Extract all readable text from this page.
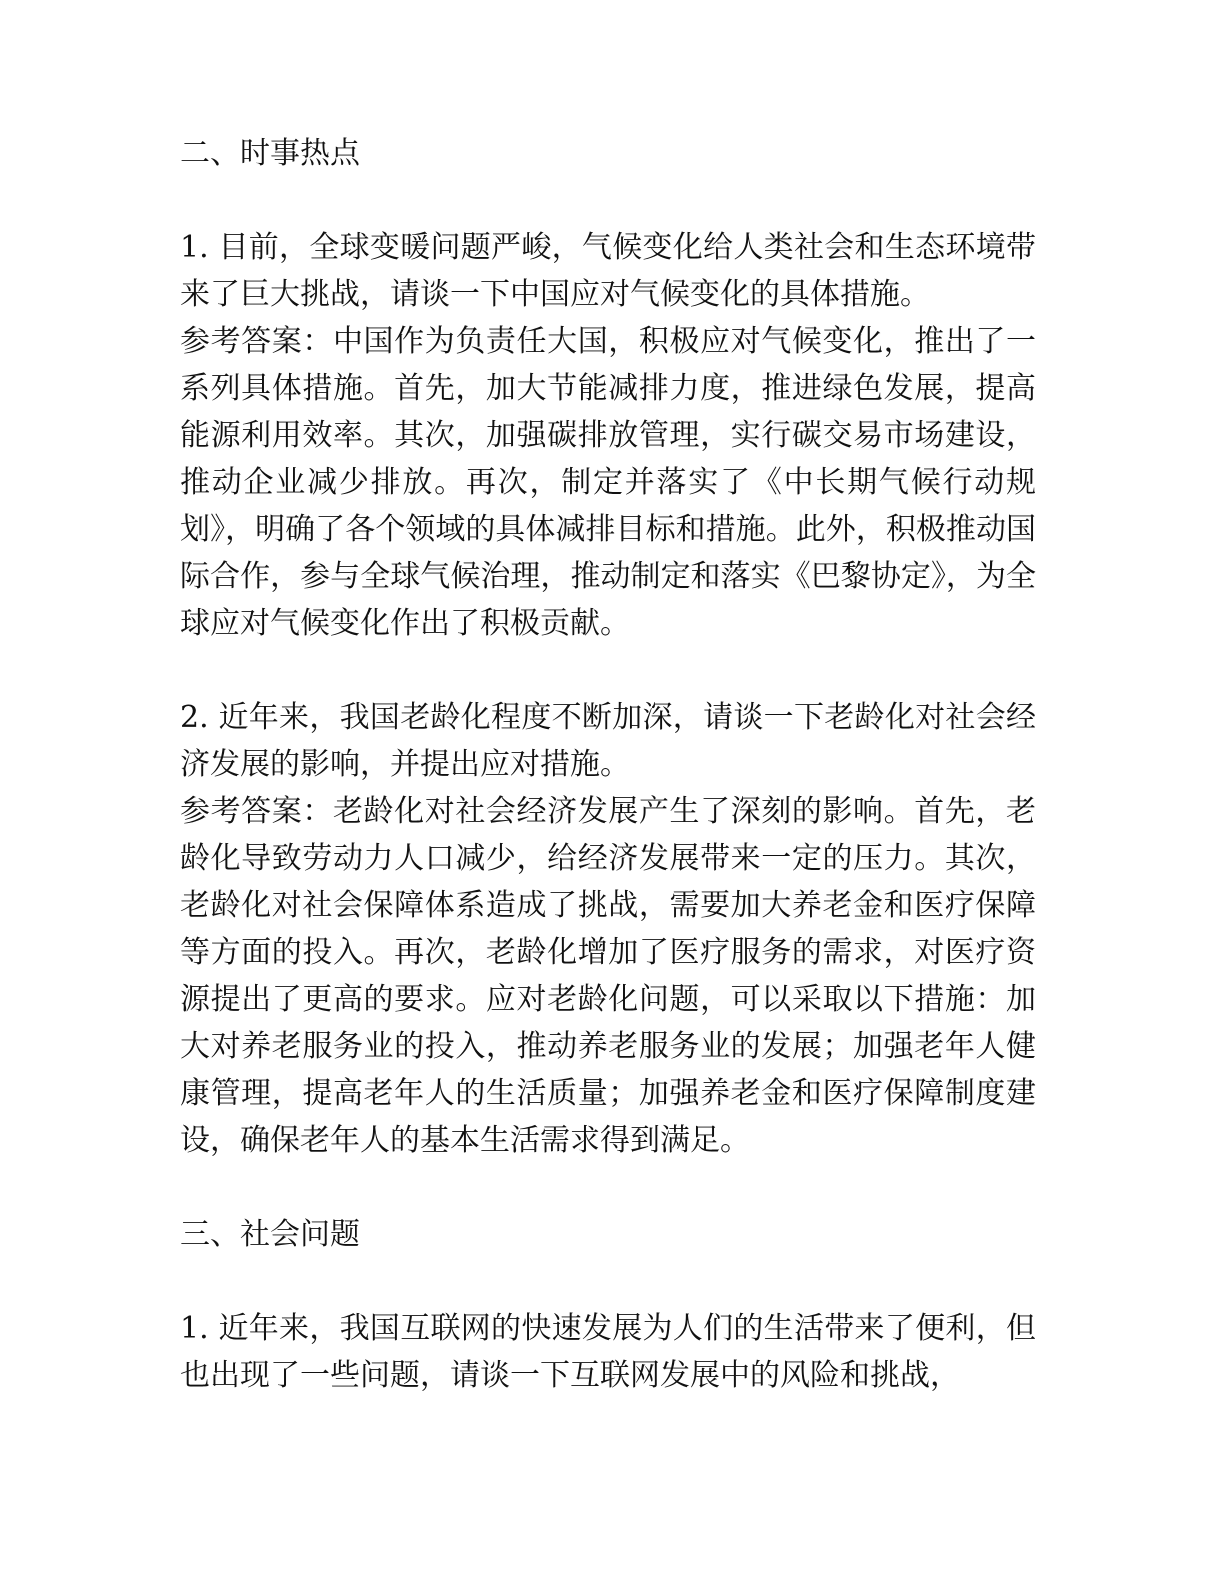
二、时事热点

1. 目前，全球变暖问题严峻，气候变化给人类社会和生态环境带来了巨大挑战，请谈一下中国应对气候变化的具体措施。

参考答案：中国作为负责任大国，积极应对气候变化，推出了一系列具体措施。首先，加大节能减排力度，推进绿色发展，提高能源利用效率。其次，加强碳排放管理，实行碳交易市场建设，推动企业减少排放。再次，制定并落实了《中长期气候行动规划》，明确了各个领域的具体减排目标和措施。此外，积极推动国际合作，参与全球气候治理，推动制定和落实《巴黎协定》，为全球应对气候变化作出了积极贡献。

2. 近年来，我国老龄化程度不断加深，请谈一下老龄化对社会经济发展的影响，并提出应对措施。

参考答案：老龄化对社会经济发展产生了深刻的影响。首先，老龄化导致劳动力人口减少，给经济发展带来一定的压力。其次，老龄化对社会保障体系造成了挑战，需要加大养老金和医疗保障等方面的投入。再次，老龄化增加了医疗服务的需求，对医疗资源提出了更高的要求。应对老龄化问题，可以采取以下措施：加大对养老服务业的投入，推动养老服务业的发展；加强老年人健康管理，提高老年人的生活质量；加强养老金和医疗保障制度建设，确保老年人的基本生活需求得到满足。

三、社会问题

1. 近年来，我国互联网的快速发展为人们的生活带来了便利，但也出现了一些问题，请谈一下互联网发展中的风险和挑战，
